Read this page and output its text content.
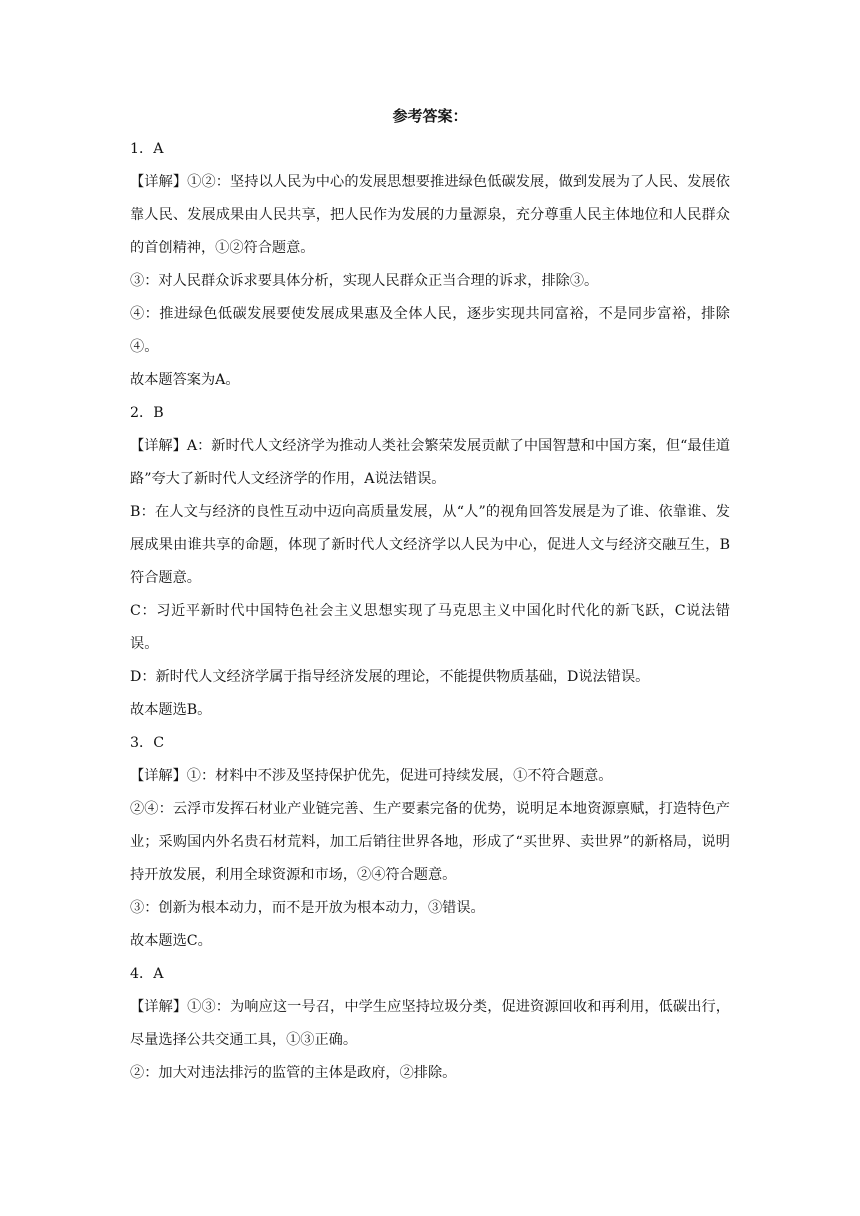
参考答案：

1．A

【详解】①②：坚持以人民为中心的发展思想要推进绿色低碳发展，做到发展为了人民、发展依靠人民、发展成果由人民共享，把人民作为发展的力量源泉，充分尊重人民主体地位和人民群众的首创精神，①②符合题意。

③：对人民群众诉求要具体分析，实现人民群众正当合理的诉求，排除③。

④：推进绿色低碳发展要使发展成果惠及全体人民，逐步实现共同富裕，不是同步富裕，排除④。

故本题答案为A。

2．B

【详解】A：新时代人文经济学为推动人类社会繁荣发展贡献了中国智慧和中国方案，但“最佳道路”夸大了新时代人文经济学的作用，A说法错误。

B：在人文与经济的良性互动中迈向高质量发展，从“人”的视角回答发展是为了谁、依靠谁、发展成果由谁共享的命题，体现了新时代人文经济学以人民为中心，促进人文与经济交融互生，B符合题意。

C：习近平新时代中国特色社会主义思想实现了马克思主义中国化时代化的新飞跃，C说法错误。

D：新时代人文经济学属于指导经济发展的理论，不能提供物质基础，D说法错误。

故本题选B。

3．C

【详解】①：材料中不涉及坚持保护优先，促进可持续发展，①不符合题意。

②④：云浮市发挥石材业产业链完善、生产要素完备的优势，说明足本地资源禀赋，打造特色产业；采购国内外名贵石材荒料，加工后销往世界各地，形成了“买世界、卖世界”的新格局，说明持开放发展，利用全球资源和市场，②④符合题意。

③：创新为根本动力，而不是开放为根本动力，③错误。

故本题选C。

4．A

【详解】①③：为响应这一号召，中学生应坚持垃圾分类，促进资源回收和再利用，低碳出行，尽量选择公共交通工具，①③正确。

②：加大对违法排污的监管的主体是政府，②排除。
